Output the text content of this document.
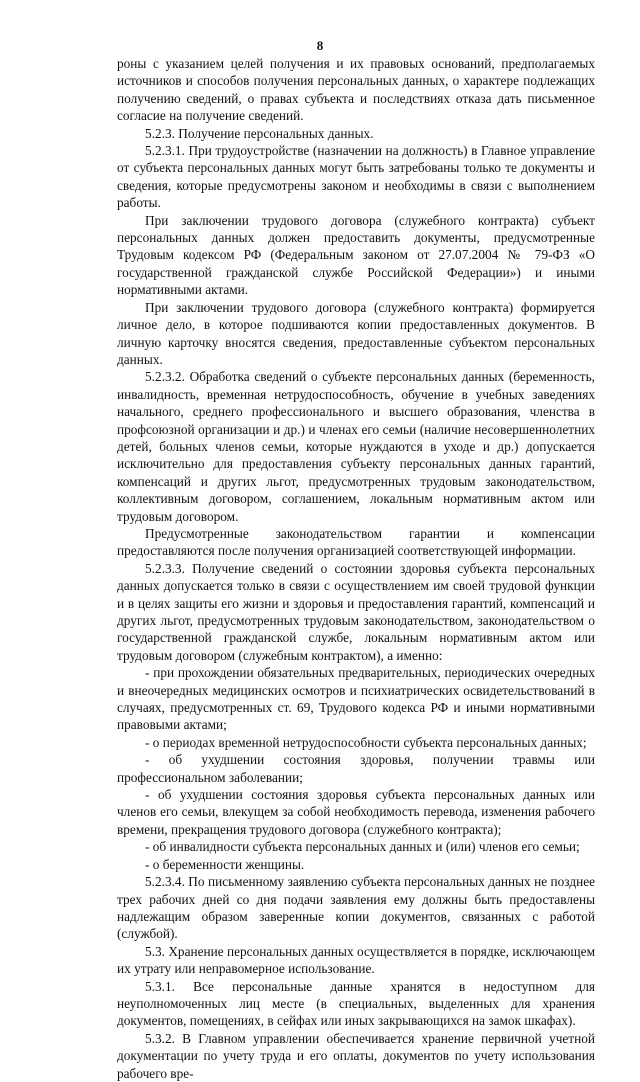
8

роны с указанием целей получения и их правовых оснований, предполагаемых источников и способов получения персональных данных, о характере подлежащих получению сведений, о правах субъекта и последствиях отказа дать письменное согласие на получение сведений.

5.2.3. Получение персональных данных.

5.2.3.1. При трудоустройстве (назначении на должность) в Главное управление от субъекта персональных данных могут быть затребованы только те документы и сведения, которые предусмотрены законом и необходимы в связи с выполнением работы.

При заключении трудового договора (служебного контракта) субъект персональных данных должен предоставить документы, предусмотренные Трудовым кодексом РФ (Федеральным законом от 27.07.2004 № 79-ФЗ «О государственной гражданской службе Российской Федерации») и иными нормативными актами.

При заключении трудового договора (служебного контракта) формируется личное дело, в которое подшиваются копии предоставленных документов. В личную карточку вносятся сведения, предоставленные субъектом персональных данных.

5.2.3.2. Обработка сведений о субъекте персональных данных (беременность, инвалидность, временная нетрудоспособность, обучение в учебных заведениях начального, среднего профессионального и высшего образования, членства в профсоюзной организации и др.) и членах его семьи (наличие несовершеннолетних детей, больных членов семьи, которые нуждаются в уходе и др.) допускается исключительно для предоставления субъекту персональных данных гарантий, компенсаций и других льгот, предусмотренных трудовым законодательством, коллективным договором, соглашением, локальным нормативным актом или трудовым договором.

Предусмотренные законодательством гарантии и компенсации предоставляются после получения организацией соответствующей информации.

5.2.3.3. Получение сведений о состоянии здоровья субъекта персональных данных допускается только в связи с осуществлением им своей трудовой функции и в целях защиты его жизни и здоровья и предоставления гарантий, компенсаций и других льгот, предусмотренных трудовым законодательством, законодательством о государственной гражданской службе, локальным нормативным актом или трудовым договором (служебным контрактом), а именно:

- при прохождении обязательных предварительных, периодических очередных и внеочередных медицинских осмотров и психиатрических освидетельствований в случаях, предусмотренных ст. 69, Трудового кодекса РФ и иными нормативными правовыми актами;

- о периодах временной нетрудоспособности субъекта персональных данных;

- об ухудшении состояния здоровья, получении травмы или профессиональном заболевании;

- об ухудшении состояния здоровья субъекта персональных данных или членов его семьи, влекущем за собой необходимость перевода, изменения рабочего времени, прекращения трудового договора (служебного контракта);

- об инвалидности субъекта персональных данных и (или) членов его семьи;

- о беременности женщины.

5.2.3.4. По письменному заявлению субъекта персональных данных не позднее трех рабочих дней со дня подачи заявления ему должны быть предоставлены надлежащим образом заверенные копии документов, связанных с работой (службой).

5.3. Хранение персональных данных осуществляется в порядке, исключающем их утрату или неправомерное использование.

5.3.1. Все персональные данные хранятся в недоступном для неуполномоченных лиц месте (в специальных, выделенных для хранения документов, помещениях, в сейфах или иных закрывающихся на замок шкафах).

5.3.2. В Главном управлении обеспечивается хранение первичной учетной документации по учету труда и его оплаты, документов по учету использования рабочего вре-
